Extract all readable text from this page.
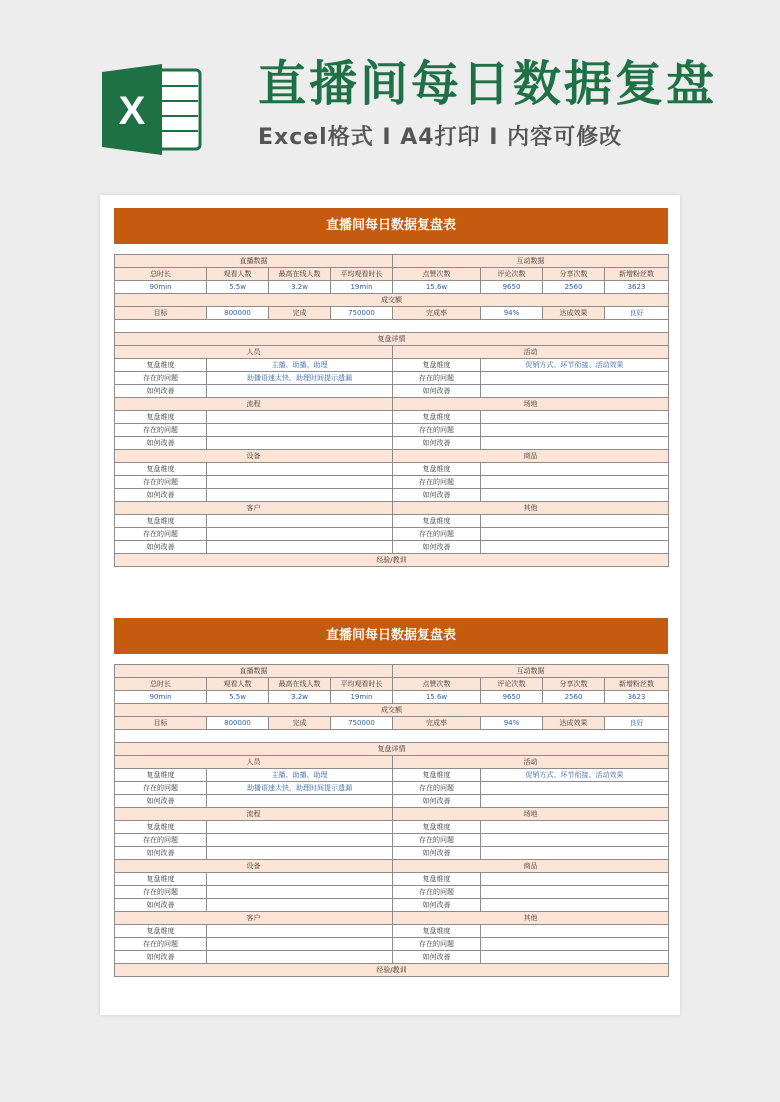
X 直播间每日数据复盘
Excel格式 I A4打印 I 内容可修改
直播间每日数据复盘表
直播数据				互动数据			
总时长	观看人数	最高在线人数	平均观看时长	点赞次数	评论次数	分享次数	新增粉丝数
90min	5.5w	3.2w	19min	15.6w	9650	2560	3623
成交额							
目标	800000	完成	750000	完成率	94%	达成效果	良好

复盘详情							
人员				活动			
复盘维度	主播、助播、助理			复盘维度	促销方式、环节衔接、活动效果		
存在的问题	助播语速太快、助理时间提示遗漏			存在的问题			
如何改善				如何改善			
流程				场地			
复盘维度				复盘维度			
存在的问题				存在的问题			
如何改善				如何改善			
设备				商品			
复盘维度				复盘维度			
存在的问题				存在的问题			
如何改善				如何改善			
客户				其他			
复盘维度				复盘维度			
存在的问题				存在的问题			
如何改善				如何改善			
经验/教训							
直播间每日数据复盘表
直播数据				互动数据			
总时长	观看人数	最高在线人数	平均观看时长	点赞次数	评论次数	分享次数	新增粉丝数
90min	5.5w	3.2w	19min	15.6w	9650	2560	3623
成交额							
目标	800000	完成	750000	完成率	94%	达成效果	良好

复盘详情							
人员				活动			
复盘维度	主播、助播、助理			复盘维度	促销方式、环节衔接、活动效果		
存在的问题	助播语速太快、助理时间提示遗漏			存在的问题			
如何改善				如何改善			
流程				场地			
复盘维度				复盘维度			
存在的问题				存在的问题			
如何改善				如何改善			
设备				商品			
复盘维度				复盘维度			
存在的问题				存在的问题			
如何改善				如何改善			
客户				其他			
复盘维度				复盘维度			
存在的问题				存在的问题			
如何改善				如何改善			
经验/教训							
